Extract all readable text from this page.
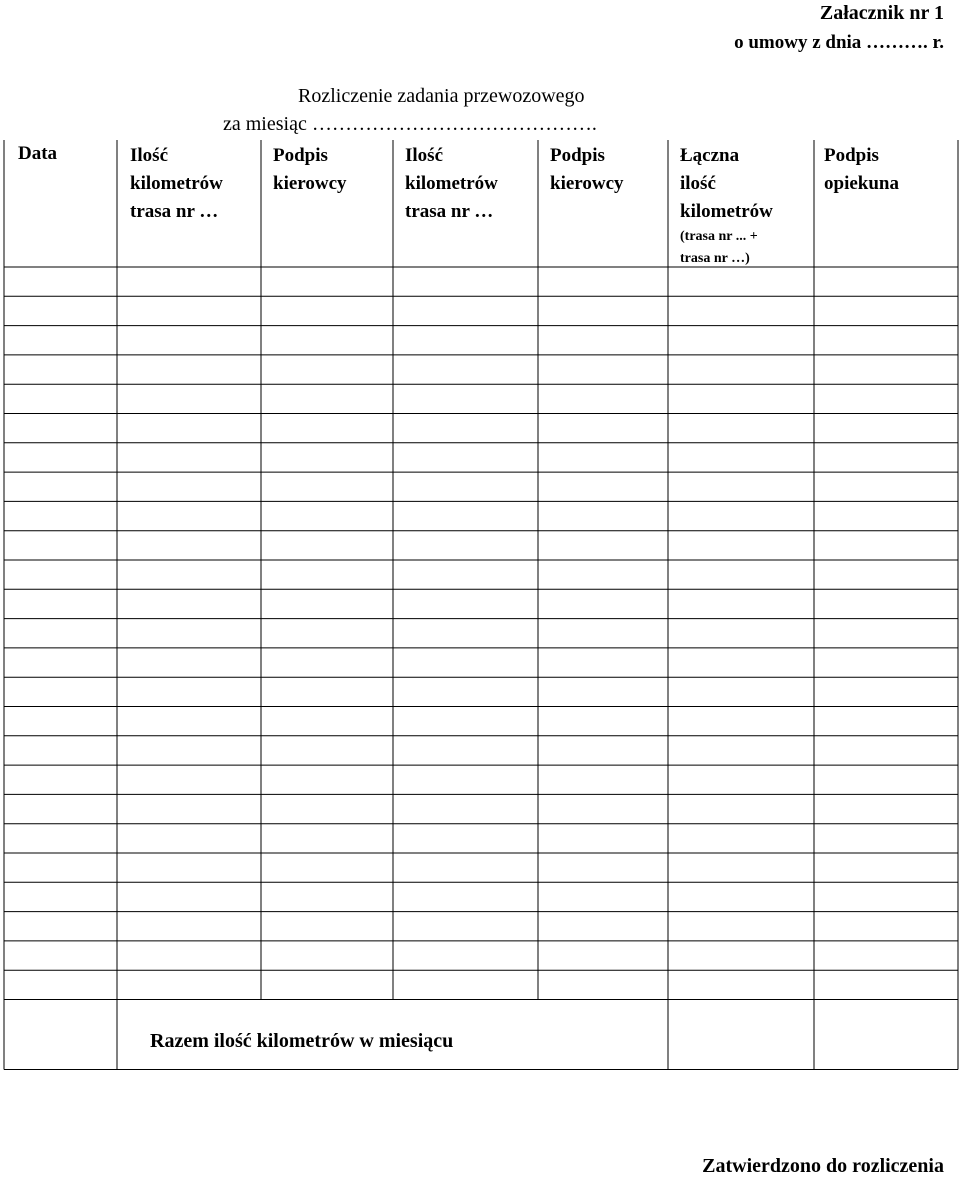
Załacznik nr 1
o umowy z dnia ………. r.
Rozliczenie zadania przewozowego
za miesiąc …………………………………….
Data	Ilość
kilometrów
trasa nr …
Podpis
kierowcy
Ilość
kilometrów
trasa nr …
Podpis
kierowcy
Łączna
ilość
kilometrów
(trasa nr ... +
trasa nr …)
Podpis
opiekuna
Razem ilość kilometrów w miesiącu
Zatwierdzono do rozliczenia
